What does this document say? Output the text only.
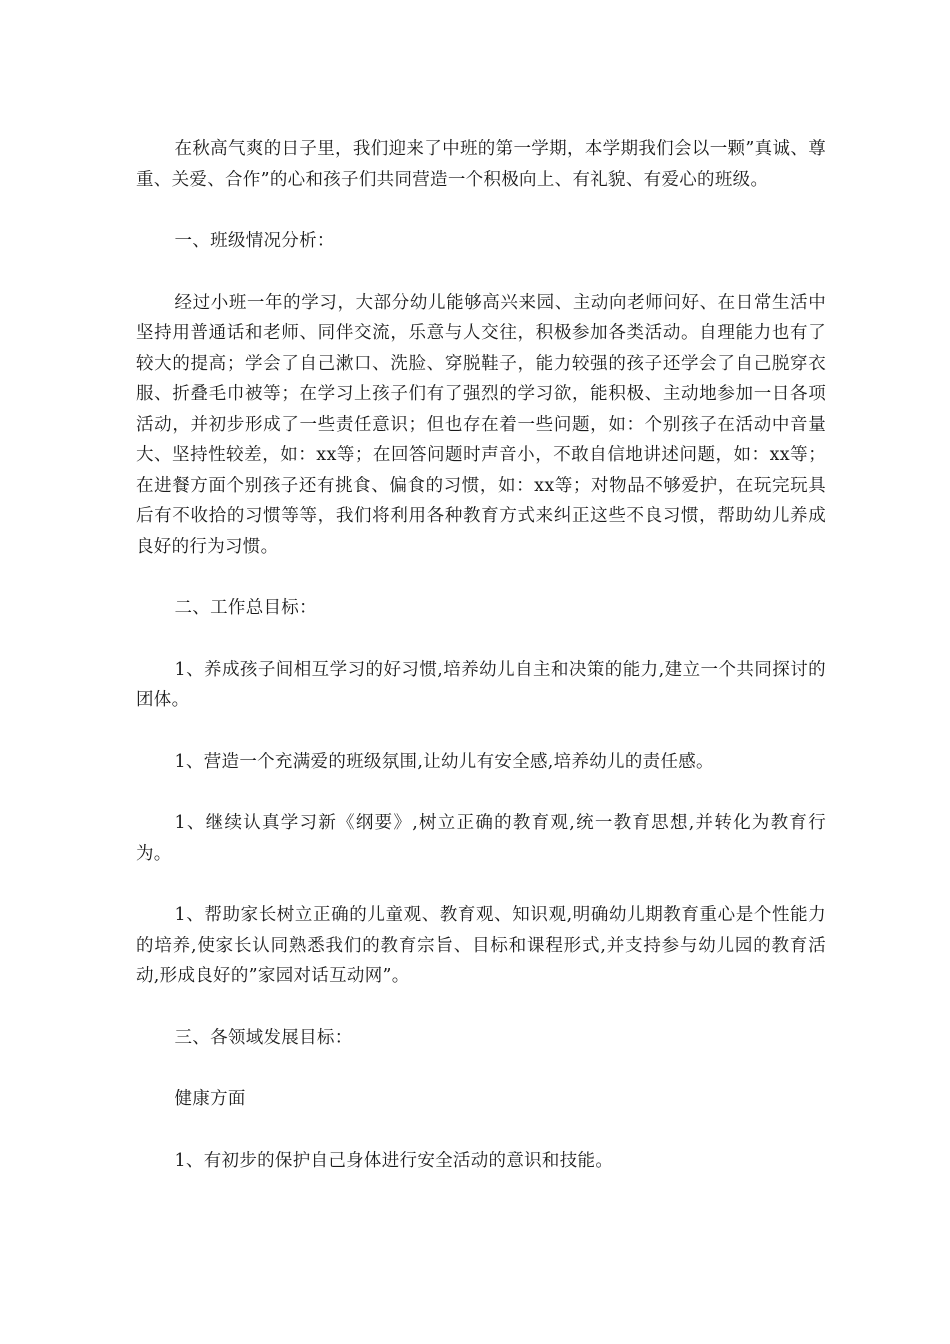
在秋高气爽的日子里，我们迎来了中班的第一学期，本学期我们会以一颗”真诚、尊重、关爱、合作”的心和孩子们共同营造一个积极向上、有礼貌、有爱心的班级。

一、班级情况分析：

经过小班一年的学习，大部分幼儿能够高兴来园、主动向老师问好、在日常生活中坚持用普通话和老师、同伴交流，乐意与人交往，积极参加各类活动。自理能力也有了较大的提高；学会了自己漱口、洗脸、穿脱鞋子，能力较强的孩子还学会了自己脱穿衣服、折叠毛巾被等；在学习上孩子们有了强烈的学习欲，能积极、主动地参加一日各项活动，并初步形成了一些责任意识；但也存在着一些问题，如：个别孩子在活动中音量大、坚持性较差，如：xx等；在回答问题时声音小，不敢自信地讲述问题，如：xx等；在进餐方面个别孩子还有挑食、偏食的习惯，如：xx等；对物品不够爱护，在玩完玩具后有不收拾的习惯等等，我们将利用各种教育方式来纠正这些不良习惯，帮助幼儿养成良好的行为习惯。

二、工作总目标：

1、养成孩子间相互学习的好习惯,培养幼儿自主和决策的能力,建立一个共同探讨的团体。

1、营造一个充满爱的班级氛围,让幼儿有安全感,培养幼儿的责任感。

1、继续认真学习新《纲要》,树立正确的教育观,统一教育思想,并转化为教育行为。

1、帮助家长树立正确的儿童观、教育观、知识观,明确幼儿期教育重心是个性能力的培养,使家长认同熟悉我们的教育宗旨、目标和课程形式,并支持参与幼儿园的教育活动,形成良好的”家园对话互动网”。

三、各领域发展目标：

健康方面

1、有初步的保护自己身体进行安全活动的意识和技能。
